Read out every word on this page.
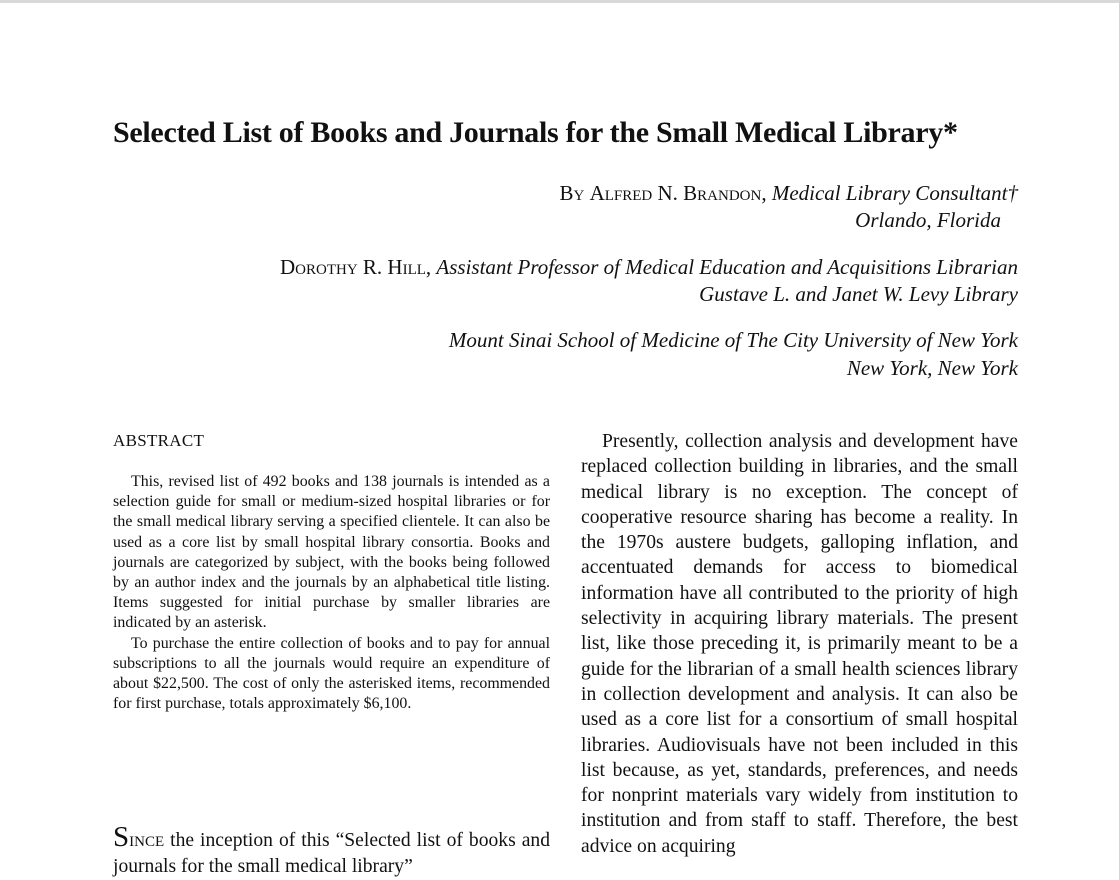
Selected List of Books and Journals for the Small Medical Library*
By Alfred N. Brandon, Medical Library Consultant†
Orlando, Florida
Dorothy R. Hill, Assistant Professor of Medical Education and Acquisitions Librarian
Gustave L. and Janet W. Levy Library
Mount Sinai School of Medicine of The City University of New York
New York, New York
ABSTRACT

This, revised list of 492 books and 138 journals is intended as a selection guide for small or medium-sized hospital libraries or for the small medical library serving a specified clientele. It can also be used as a core list by small hospital library consortia. Books and journals are categorized by subject, with the books being followed by an author index and the journals by an alphabetical title listing. Items suggested for initial purchase by smaller libraries are indicated by an asterisk.

To purchase the entire collection of books and to pay for annual subscriptions to all the journals would require an expenditure of about $22,500. The cost of only the asterisked items, recommended for first purchase, totals approximately $6,100.

Since the inception of this “Selected list of books and journals for the small medical library”

Presently, collection analysis and development have replaced collection building in libraries, and the small medical library is no exception. The concept of cooperative resource sharing has become a reality. In the 1970s austere budgets, galloping inflation, and accentuated demands for access to biomedical information have all contributed to the priority of high selectivity in acquiring library materials. The present list, like those preceding it, is primarily meant to be a guide for the librarian of a small health sciences library in collection development and analysis. It can also be used as a core list for a consortium of small hospital libraries. Audiovisuals have not been included in this list because, as yet, standards, preferences, and needs for nonprint materials vary widely from institution to institution and from staff to staff. Therefore, the best advice on acquiring
